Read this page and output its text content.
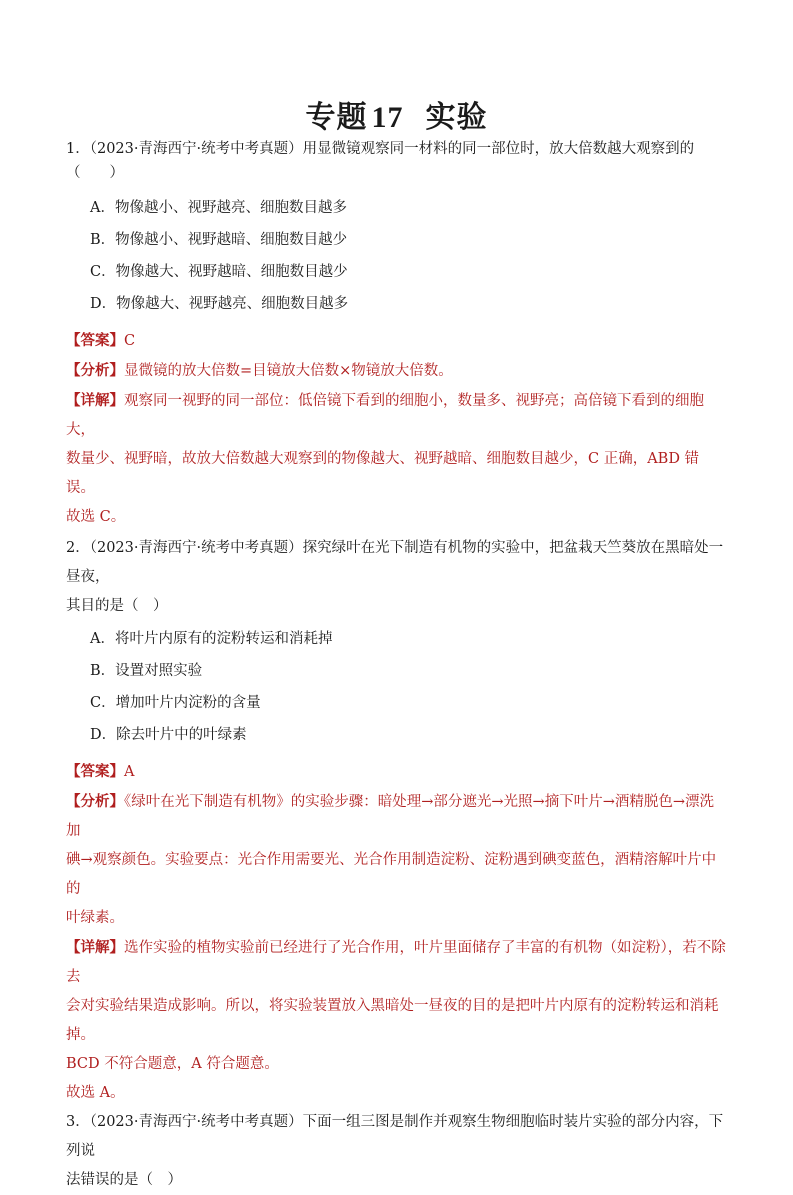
专题 17 实验
1．（2023·青海西宁·统考中考真题）用显微镜观察同一材料的同一部位时，放大倍数越大观察到的（　　）
A．物像越小、视野越亮、细胞数目越多
B．物像越小、视野越暗、细胞数目越少
C．物像越大、视野越暗、细胞数目越少
D．物像越大、视野越亮、细胞数目越多
【答案】C
【分析】显微镜的放大倍数=目镜放大倍数×物镜放大倍数。
【详解】观察同一视野的同一部位：低倍镜下看到的细胞小，数量多、视野亮；高倍镜下看到的细胞大，
数量少、视野暗，故放大倍数越大观察到的物像越大、视野越暗、细胞数目越少，C 正确，ABD 错误。
故选 C。
2．（2023·青海西宁·统考中考真题）探究绿叶在光下制造有机物的实验中，把盆栽天竺葵放在黑暗处一昼夜，
其目的是（　）
A．将叶片内原有的淀粉转运和消耗掉
B．设置对照实验
C．增加叶片内淀粉的含量
D．除去叶片中的叶绿素
【答案】A
【分析】《绿叶在光下制造有机物》的实验步骤：暗处理→部分遮光→光照→摘下叶片→酒精脱色→漂洗加
碘→观察颜色。实验要点：光合作用需要光、光合作用制造淀粉、淀粉遇到碘变蓝色，酒精溶解叶片中的
叶绿素。
【详解】选作实验的植物实验前已经进行了光合作用，叶片里面储存了丰富的有机物（如淀粉），若不除去
会对实验结果造成影响。所以，将实验装置放入黑暗处一昼夜的目的是把叶片内原有的淀粉转运和消耗掉。
BCD 不符合题意，A 符合题意。
故选 A。
3．（2023·青海西宁·统考中考真题）下面一组三图是制作并观察生物细胞临时装片实验的部分内容，下列说
法错误的是（　）
